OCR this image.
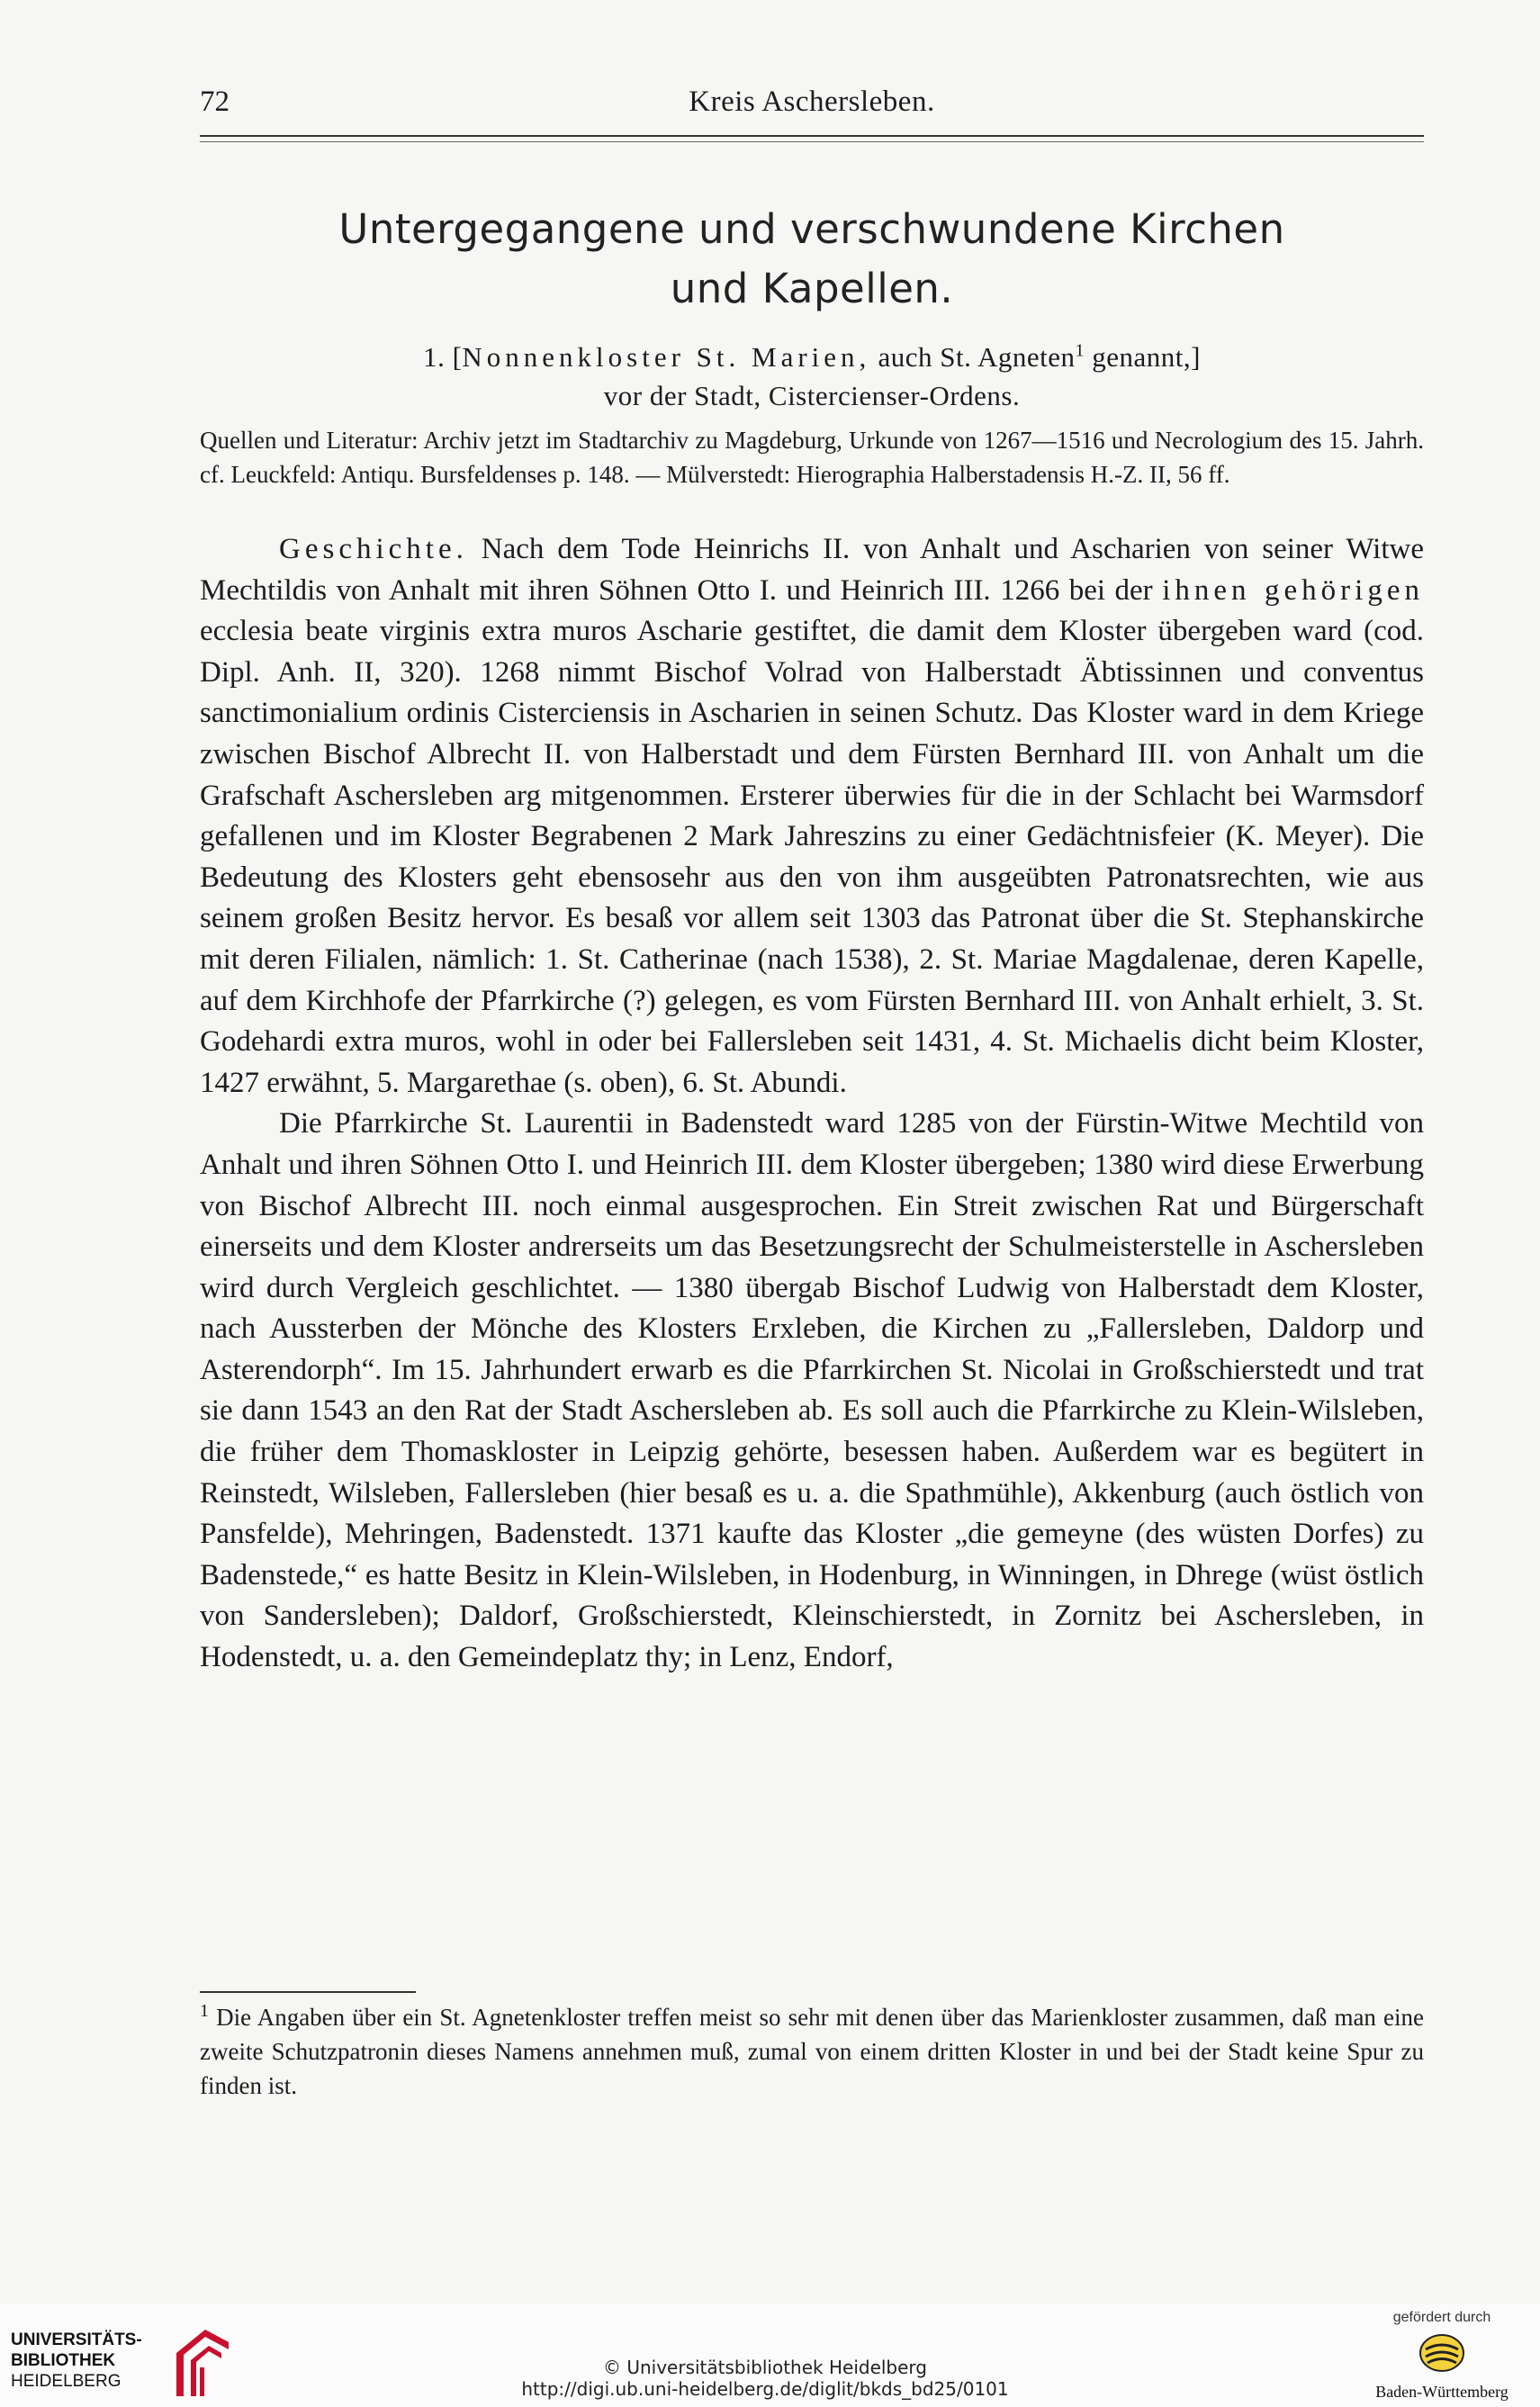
72	Kreis Aschersleben.
Untergegangene und verschwundene Kirchen
und Kapellen.
1. [Nonnenkloster St. Marien, auch St. Agneten$^1$ genannt,]
vor der Stadt, Cistercienser-Ordens.
Quellen und Literatur: Archiv jetzt im Stadtarchiv zu Magdeburg, Urkunde von 1267—1516 und Necrologium des 15. Jahrh. cf. Leuckfeld: Antiqu. Bursfeldenses p. 148. — Mülverstedt: Hierographia Halberstadensis H.-Z. II, 56 ff.

Geschichte. Nach dem Tode Heinrichs II. von Anhalt und Ascharien von seiner Witwe Mechtildis von Anhalt mit ihren Söhnen Otto I. und Heinrich III. 1266 bei der ihnen gehörigen ecclesia beate virginis extra muros Ascharie gestiftet, die damit dem Kloster übergeben ward (cod. Dipl. Anh. II, 320). 1268 nimmt Bischof Volrad von Halberstadt Äbtissinnen und conventus sanctimonialium ordinis Cisterciensis in Ascharien in seinen Schutz. Das Kloster ward in dem Kriege zwischen Bischof Albrecht II. von Halberstadt und dem Fürsten Bernhard III. von Anhalt um die Grafschaft Aschersleben arg mitgenommen. Ersterer überwies für die in der Schlacht bei Warmsdorf gefallenen und im Kloster Begrabenen 2 Mark Jahreszins zu einer Gedächtnisfeier (K. Meyer). Die Bedeutung des Klosters geht ebensosehr aus den von ihm ausgeübten Patronatsrechten, wie aus seinem großen Besitz hervor. Es besaß vor allem seit 1303 das Patronat über die St. Stephanskirche mit deren Filialen, nämlich: 1. St. Catherinae (nach 1538), 2. St. Mariae Magdalenae, deren Kapelle, auf dem Kirchhofe der Pfarrkirche (?) gelegen, es vom Fürsten Bernhard III. von Anhalt erhielt, 3. St. Godehardi extra muros, wohl in oder bei Fallersleben seit 1431, 4. St. Michaelis dicht beim Kloster, 1427 erwähnt, 5. Margarethae (s. oben), 6. St. Abundi.

Die Pfarrkirche St. Laurentii in Badenstedt ward 1285 von der Fürstin-Witwe Mechtild von Anhalt und ihren Söhnen Otto I. und Heinrich III. dem Kloster übergeben; 1380 wird diese Erwerbung von Bischof Albrecht III. noch einmal ausgesprochen. Ein Streit zwischen Rat und Bürgerschaft einerseits und dem Kloster andrerseits um das Besetzungsrecht der Schulmeisterstelle in Aschersleben wird durch Vergleich geschlichtet. — 1380 übergab Bischof Ludwig von Halberstadt dem Kloster, nach Aussterben der Mönche des Klosters Erxleben, die Kirchen zu „Fallersleben, Daldorp und Asterendorph“. Im 15. Jahrhundert erwarb es die Pfarrkirchen St. Nicolai in Großschierstedt und trat sie dann 1543 an den Rat der Stadt Aschersleben ab. Es soll auch die Pfarrkirche zu Klein-Wilsleben, die früher dem Thomaskloster in Leipzig gehörte, besessen haben. Außerdem war es begütert in Reinstedt, Wilsleben, Fallersleben (hier besaß es u. a. die Spathmühle), Akkenburg (auch östlich von Pansfelde), Mehringen, Badenstedt. 1371 kaufte das Kloster „die gemeyne (des wüsten Dorfes) zu Badenstede,“ es hatte Besitz in Klein-Wilsleben, in Hodenburg, in Winningen, in Dhrege (wüst östlich von Sandersleben); Daldorf, Großschierstedt, Kleinschierstedt, in Zornitz bei Aschersleben, in Hodenstedt, u. a. den Gemeindeplatz thy; in Lenz, Endorf,

$^1$ Die Angaben über ein St. Agnetenkloster treffen meist so sehr mit denen über das Marienkloster zusammen, daß man eine zweite Schutzpatronin dieses Namens annehmen muß, zumal von einem dritten Kloster in und bei der Stadt keine Spur zu finden ist.
UNIVERSITÄTS-
BIBLIOTHEK
HEIDELBERG
© Universitätsbibliothek Heidelberg
http://digi.ub.uni-heidelberg.de/diglit/bkds_bd25/0101
gefördert durch
Baden-Württemberg
